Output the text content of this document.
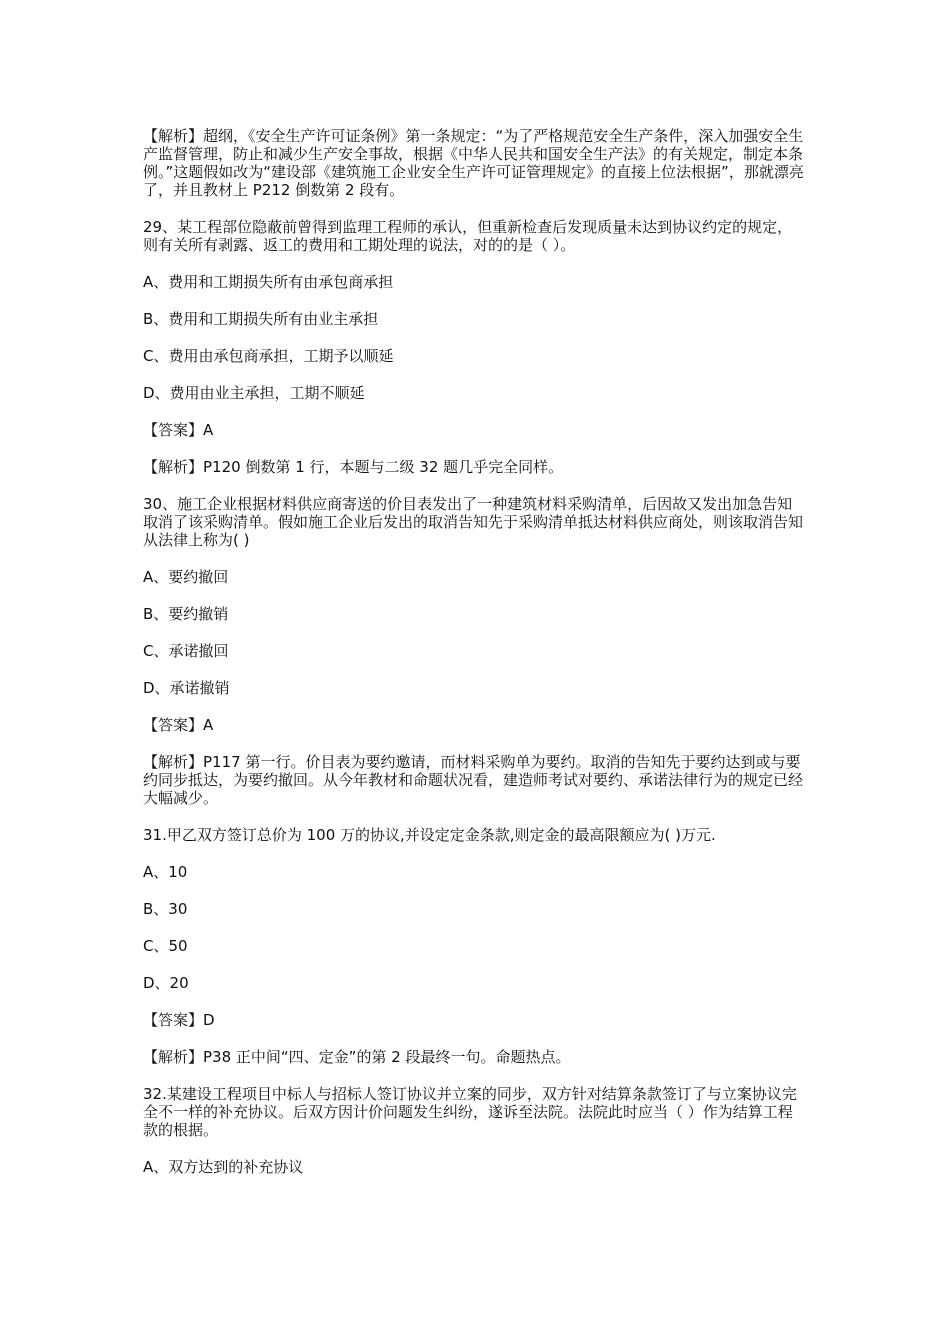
【解析】超纲，《安全生产许可证条例》第一条规定：“为了严格规范安全生产条件，深入加强安全生产监督管理，防止和减少生产安全事故，根据《中华人民共和国安全生产法》的有关规定，制定本条例。”这题假如改为“建设部《建筑施工企业安全生产许可证管理规定》的直接上位法根据”，那就漂亮了，并且教材上 P212 倒数第 2 段有。

29、某工程部位隐蔽前曾得到监理工程师的承认，但重新检查后发现质量未达到协议约定的规定，则有关所有剥露、返工的费用和工期处理的说法，对的的是（ ）。

A、费用和工期损失所有由承包商承担

B、费用和工期损失所有由业主承担

C、费用由承包商承担，工期予以顺延

D、费用由业主承担，工期不顺延

【答案】A

【解析】P120 倒数第 1 行，本题与二级 32 题几乎完全同样。

30、施工企业根据材料供应商寄送的价目表发出了一种建筑材料采购清单，后因故又发出加急告知取消了该采购清单。假如施工企业后发出的取消告知先于采购清单抵达材料供应商处，则该取消告知从法律上称为( )

A、要约撤回

B、要约撤销

C、承诺撤回

D、承诺撤销

【答案】A

【解析】P117 第一行。价目表为要约邀请，而材料采购单为要约。取消的告知先于要约达到或与要约同步抵达，为要约撤回。从今年教材和命题状况看，建造师考试对要约、承诺法律行为的规定已经大幅减少。

31.甲乙双方签订总价为 100 万的协议,并设定定金条款,则定金的最高限额应为( )万元.

A、10

B、30

C、50

D、20

【答案】D

【解析】P38 正中间“四、定金”的第 2 段最终一句。命题热点。

32.某建设工程项目中标人与招标人签订协议并立案的同步，双方针对结算条款签订了与立案协议完全不一样的补充协议。后双方因计价问题发生纠纷，遂诉至法院。法院此时应当（ ）作为结算工程款的根据。

A、双方达到的补充协议
